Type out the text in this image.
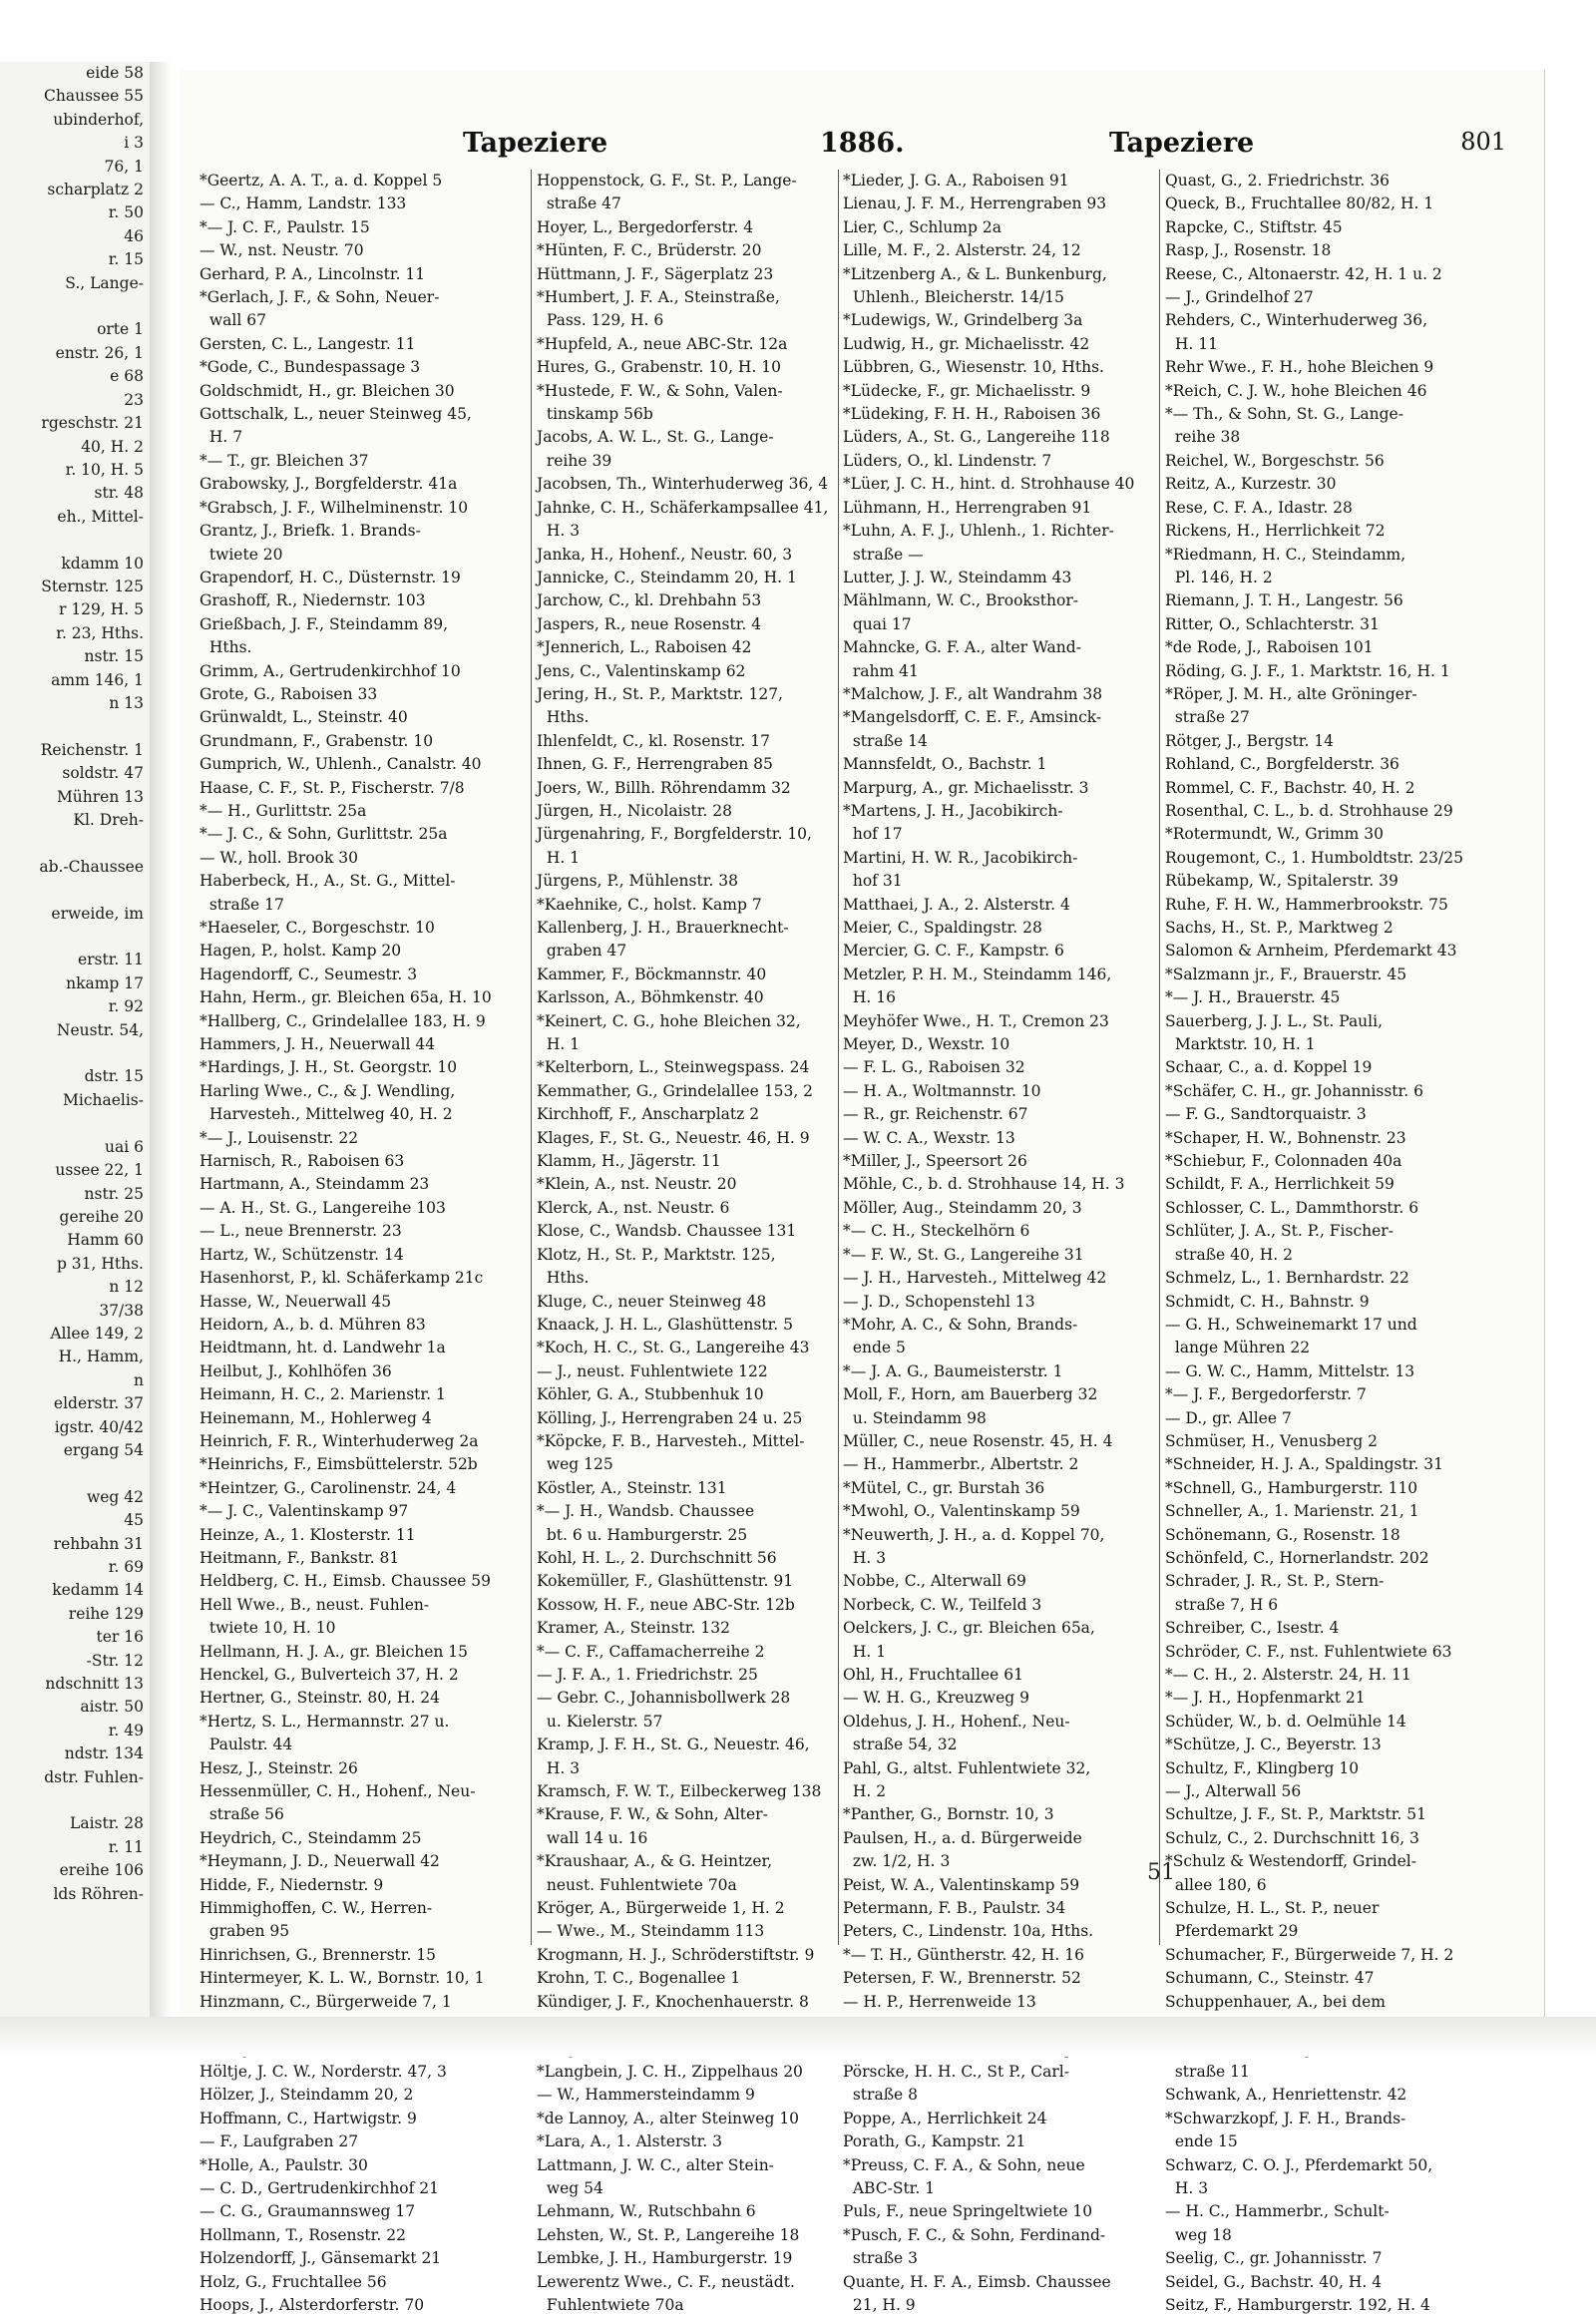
eide 58
Chaussee 55
ubinderhof,
i 3
76, 1
scharplatz 2
r. 50
46
r. 15
S., Lange-

orte 1
enstr. 26, 1
e 68
23
rgeschstr. 21
40, H. 2
r. 10, H. 5
str. 48
eh., Mittel-

kdamm 10
Sternstr. 125
r 129, H. 5
r. 23, Hths.
nstr. 15
amm 146, 1
n 13

Reichenstr. 1
soldstr. 47
Mühren 13
Kl. Dreh-

ab.-Chaussee

erweide, im

erstr. 11
nkamp 17
r. 92
Neustr. 54,

dstr. 15
Michaelis-

uai 6
ussee 22, 1
nstr. 25
gereihe 20
Hamm 60
p 31, Hths.
n 12
37/38
Allee 149, 2
H., Hamm,
n
elderstr. 37
igstr. 40/42
ergang 54

weg 42
45
rehbahn 31
r. 69
kedamm 14
reihe 129
ter 16
-Str. 12
ndschnitt 13
aistr. 50
r. 49
ndstr. 134
dstr. Fuhlen-

Laistr. 28
r. 11
ereihe 106
lds Röhren-
Tapeziere	1886.	Tapeziere	801
*Geertz, A. A. T., a. d. Koppel 5
— C., Hamm, Landstr. 133
*— J. C. F., Paulstr. 15
— W., nst. Neustr. 70
Gerhard, P. A., Lincolnstr. 11
*Gerlach, J. F., & Sohn, Neuer-
wall 67
Gersten, C. L., Langestr. 11
*Gode, C., Bundespassage 3
Goldschmidt, H., gr. Bleichen 30
Gottschalk, L., neuer Steinweg 45,
H. 7
*— T., gr. Bleichen 37
Grabowsky, J., Borgfelderstr. 41a
*Grabsch, J. F., Wilhelminenstr. 10
Grantz, J., Briefk. 1. Brands-
twiete 20
Grapendorf, H. C., Düsternstr. 19
Grashoff, R., Niedernstr. 103
Grießbach, J. F., Steindamm 89,
Hths.
Grimm, A., Gertrudenkirchhof 10
Grote, G., Raboisen 33
Grünwaldt, L., Steinstr. 40
Grundmann, F., Grabenstr. 10
Gumprich, W., Uhlenh., Canalstr. 40
Haase, C. F., St. P., Fischerstr. 7/8
*— H., Gurlittstr. 25a
*— J. C., & Sohn, Gurlittstr. 25a
— W., holl. Brook 30
Haberbeck, H., A., St. G., Mittel-
straße 17
*Haeseler, C., Borgeschstr. 10
Hagen, P., holst. Kamp 20
Hagendorff, C., Seumestr. 3
Hahn, Herm., gr. Bleichen 65a, H. 10
*Hallberg, C., Grindelallee 183, H. 9
Hammers, J. H., Neuerwall 44
*Hardings, J. H., St. Georgstr. 10
Harling Wwe., C., & J. Wendling,
Harvesteh., Mittelweg 40, H. 2
*— J., Louisenstr. 22
Harnisch, R., Raboisen 63
Hartmann, A., Steindamm 23
— A. H., St. G., Langereihe 103
— L., neue Brennerstr. 23
Hartz, W., Schützenstr. 14
Hasenhorst, P., kl. Schäferkamp 21c
Hasse, W., Neuerwall 45
Heidorn, A., b. d. Mühren 83
Heidtmann, ht. d. Landwehr 1a
Heilbut, J., Kohlhöfen 36
Heimann, H. C., 2. Marienstr. 1
Heinemann, M., Hohlerweg 4
Heinrich, F. R., Winterhuderweg 2a
*Heinrichs, F., Eimsbüttelerstr. 52b
*Heintzer, G., Carolinenstr. 24, 4
*— J. C., Valentinskamp 97
Heinze, A., 1. Klosterstr. 11
Heitmann, F., Bankstr. 81
Heldberg, C. H., Eimsb. Chaussee 59
Hell Wwe., B., neust. Fuhlen-
twiete 10, H. 10
Hellmann, H. J. A., gr. Bleichen 15
Henckel, G., Bulverteich 37, H. 2
Hertner, G., Steinstr. 80, H. 24
*Hertz, S. L., Hermannstr. 27 u.
Paulstr. 44
Hesz, J., Steinstr. 26
Hessenmüller, C. H., Hohenf., Neu-
straße 56
Heydrich, C., Steindamm 25
*Heymann, J. D., Neuerwall 42
Hidde, F., Niedernstr. 9
Himmighoffen, C. W., Herren-
graben 95
Hinrichsen, G., Brennerstr. 15
Hintermeyer, K. L. W., Bornstr. 10, 1
Hinzmann, C., Bürgerweide 7, 1
Höltje, J. C. W., Norderstr. 47, 3
Hölzer, J., Steindamm 20, 2
Hoffmann, C., Hartwigstr. 9
— F., Laufgraben 27
*Holle, A., Paulstr. 30
— C. D., Gertrudenkirchhof 21
— C. G., Graumannsweg 17
Hollmann, T., Rosenstr. 22
Holzendorff, J., Gänsemarkt 21
Holz, G., Fruchtallee 56
Hoops, J., Alsterdorferstr. 70
Hoppenstock, G. F., St. P., Lange-
straße 47
Hoyer, L., Bergedorferstr. 4
*Hünten, F. C., Brüderstr. 20
Hüttmann, J. F., Sägerplatz 23
*Humbert, J. F. A., Steinstraße,
Pass. 129, H. 6
*Hupfeld, A., neue ABC-Str. 12a
Hures, G., Grabenstr. 10, H. 10
*Hustede, F. W., & Sohn, Valen-
tinskamp 56b
Jacobs, A. W. L., St. G., Lange-
reihe 39
Jacobsen, Th., Winterhuderweg 36, 4
Jahnke, C. H., Schäferkampsallee 41,
H. 3
Janka, H., Hohenf., Neustr. 60, 3
Jannicke, C., Steindamm 20, H. 1
Jarchow, C., kl. Drehbahn 53
Jaspers, R., neue Rosenstr. 4
*Jennerich, L., Raboisen 42
Jens, C., Valentinskamp 62
Jering, H., St. P., Marktstr. 127,
Hths.
Ihlenfeldt, C., kl. Rosenstr. 17
Ihnen, G. F., Herrengraben 85
Joers, W., Billh. Röhrendamm 32
Jürgen, H., Nicolaistr. 28
Jürgenahring, F., Borgfelderstr. 10,
H. 1
Jürgens, P., Mühlenstr. 38
*Kaehnike, C., holst. Kamp 7
Kallenberg, J. H., Brauerknecht-
graben 47
Kammer, F., Böckmannstr. 40
Karlsson, A., Böhmkenstr. 40
*Keinert, C. G., hohe Bleichen 32,
H. 1
*Kelterborn, L., Steinwegspass. 24
Kemmather, G., Grindelallee 153, 2
Kirchhoff, F., Anscharplatz 2
Klages, F., St. G., Neuestr. 46, H. 9
Klamm, H., Jägerstr. 11
*Klein, A., nst. Neustr. 20
Klerck, A., nst. Neustr. 6
Klose, C., Wandsb. Chaussee 131
Klotz, H., St. P., Marktstr. 125,
Hths.
Kluge, C., neuer Steinweg 48
Knaack, J. H. L., Glashüttenstr. 5
*Koch, H. C., St. G., Langereihe 43
— J., neust. Fuhlentwiete 122
Köhler, G. A., Stubbenhuk 10
Kölling, J., Herrengraben 24 u. 25
*Köpcke, F. B., Harvesteh., Mittel-
weg 125
Köstler, A., Steinstr. 131
*— J. H., Wandsb. Chaussee
bt. 6 u. Hamburgerstr. 25
Kohl, H. L., 2. Durchschnitt 56
Kokemüller, F., Glashüttenstr. 91
Kossow, H. F., neue ABC-Str. 12b
Kramer, A., Steinstr. 132
*— C. F., Caffamacherreihe 2
— J. F. A., 1. Friedrichstr. 25
— Gebr. C., Johannisbollwerk 28
u. Kielerstr. 57
Kramp, J. F. H., St. G., Neuestr. 46,
H. 3
Kramsch, F. W. T., Eilbeckerweg 138
*Krause, F. W., & Sohn, Alter-
wall 14 u. 16
*Kraushaar, A., & G. Heintzer,
neust. Fuhlentwiete 70a
Kröger, A., Bürgerweide 1, H. 2
— Wwe., M., Steindamm 113
Krogmann, H. J., Schröderstiftstr. 9
Krohn, T. C., Bogenallee 1
Kündiger, J. F., Knochenhauerstr. 8
*Langbein, J. C. H., Zippelhaus 20
— W., Hammersteindamm 9
*de Lannoy, A., alter Steinweg 10
*Lara, A., 1. Alsterstr. 3
Lattmann, J. W. C., alter Stein-
weg 54
Lehmann, W., Rutschbahn 6
Lehsten, W., St. P., Langereihe 18
Lembke, J. H., Hamburgerstr. 19
Lewerentz Wwe., C. F., neustädt.
Fuhlentwiete 70a
*Lieder, J. G. A., Raboisen 91
Lienau, J. F. M., Herrengraben 93
Lier, C., Schlump 2a
Lille, M. F., 2. Alsterstr. 24, 12
*Litzenberg A., & L. Bunkenburg,
Uhlenh., Bleicherstr. 14/15
*Ludewigs, W., Grindelberg 3a
Ludwig, H., gr. Michaelisstr. 42
Lübbren, G., Wiesenstr. 10, Hths.
*Lüdecke, F., gr. Michaelisstr. 9
*Lüdeking, F. H. H., Raboisen 36
Lüders, A., St. G., Langereihe 118
Lüders, O., kl. Lindenstr. 7
*Lüer, J. C. H., hint. d. Strohhause 40
Lühmann, H., Herrengraben 91
*Luhn, A. F. J., Uhlenh., 1. Richter-
straße —
Lutter, J. J. W., Steindamm 43
Mählmann, W. C., Brooksthor-
quai 17
Mahncke, G. F. A., alter Wand-
rahm 41
*Malchow, J. F., alt Wandrahm 38
*Mangelsdorff, C. E. F., Amsinck-
straße 14
Mannsfeldt, O., Bachstr. 1
Marpurg, A., gr. Michaelisstr. 3
*Martens, J. H., Jacobikirch-
hof 17
Martini, H. W. R., Jacobikirch-
hof 31
Matthaei, J. A., 2. Alsterstr. 4
Meier, C., Spaldingstr. 28
Mercier, G. C. F., Kampstr. 6
Metzler, P. H. M., Steindamm 146,
H. 16
Meyhöfer Wwe., H. T., Cremon 23
Meyer, D., Wexstr. 10
— F. L. G., Raboisen 32
— H. A., Woltmannstr. 10
— R., gr. Reichenstr. 67
— W. C. A., Wexstr. 13
*Miller, J., Speersort 26
Möhle, C., b. d. Strohhause 14, H. 3
Möller, Aug., Steindamm 20, 3
*— C. H., Steckelhörn 6
*— F. W., St. G., Langereihe 31
— J. H., Harvesteh., Mittelweg 42
— J. D., Schopenstehl 13
*Mohr, A. C., & Sohn, Brands-
ende 5
*— J. A. G., Baumeisterstr. 1
Moll, F., Horn, am Bauerberg 32
u. Steindamm 98
Müller, C., neue Rosenstr. 45, H. 4
— H., Hammerbr., Albertstr. 2
*Mütel, C., gr. Burstah 36
*Mwohl, O., Valentinskamp 59
*Neuwerth, J. H., a. d. Koppel 70,
H. 3
Nobbe, C., Alterwall 69
Norbeck, C. W., Teilfeld 3
Oelckers, J. C., gr. Bleichen 65a,
H. 1
Ohl, H., Fruchtallee 61
— W. H. G., Kreuzweg 9
Oldehus, J. H., Hohenf., Neu-
straße 54, 32
Pahl, G., altst. Fuhlentwiete 32,
H. 2
*Panther, G., Bornstr. 10, 3
Paulsen, H., a. d. Bürgerweide
zw. 1/2, H. 3
Peist, W. A., Valentinskamp 59
Petermann, F. B., Paulstr. 34
Peters, C., Lindenstr. 10a, Hths.
*— T. H., Güntherstr. 42, H. 16
Petersen, F. W., Brennerstr. 52
— H. P., Herrenweide 13
Pörscke, H. H. C., St P., Carl-
straße 8
Poppe, A., Herrlichkeit 24
Porath, G., Kampstr. 21
*Preuss, C. F. A., & Sohn, neue
ABC-Str. 1
Puls, F., neue Springeltwiete 10
*Pusch, F. C., & Sohn, Ferdinand-
straße 3
Quante, H. F. A., Eimsb. Chaussee
21, H. 9
Quast, G., 2. Friedrichstr. 36
Queck, B., Fruchtallee 80/82, H. 1
Rapcke, C., Stiftstr. 45
Rasp, J., Rosenstr. 18
Reese, C., Altonaerstr. 42, H. 1 u. 2
— J., Grindelhof 27
Rehders, C., Winterhuderweg 36,
H. 11
Rehr Wwe., F. H., hohe Bleichen 9
*Reich, C. J. W., hohe Bleichen 46
*— Th., & Sohn, St. G., Lange-
reihe 38
Reichel, W., Borgeschstr. 56
Reitz, A., Kurzestr. 30
Rese, C. F. A., Idastr. 28
Rickens, H., Herrlichkeit 72
*Riedmann, H. C., Steindamm,
Pl. 146, H. 2
Riemann, J. T. H., Langestr. 56
Ritter, O., Schlachterstr. 31
*de Rode, J., Raboisen 101
Röding, G. J. F., 1. Marktstr. 16, H. 1
*Röper, J. M. H., alte Gröninger-
straße 27
Rötger, J., Bergstr. 14
Rohland, C., Borgfelderstr. 36
Rommel, C. F., Bachstr. 40, H. 2
Rosenthal, C. L., b. d. Strohhause 29
*Rotermundt, W., Grimm 30
Rougemont, C., 1. Humboldtstr. 23/25
Rübekamp, W., Spitalerstr. 39
Ruhe, F. H. W., Hammerbrookstr. 75
Sachs, H., St. P., Marktweg 2
Salomon & Arnheim, Pferdemarkt 43
*Salzmann jr., F., Brauerstr. 45
*— J. H., Brauerstr. 45
Sauerberg, J. J. L., St. Pauli,
Marktstr. 10, H. 1
Schaar, C., a. d. Koppel 19
*Schäfer, C. H., gr. Johannisstr. 6
— F. G., Sandtorquaistr. 3
*Schaper, H. W., Bohnenstr. 23
*Schiebur, F., Colonnaden 40a
Schildt, F. A., Herrlichkeit 59
Schlosser, C. L., Dammthorstr. 6
Schlüter, J. A., St. P., Fischer-
straße 40, H. 2
Schmelz, L., 1. Bernhardstr. 22
Schmidt, C. H., Bahnstr. 9
— G. H., Schweinemarkt 17 und
lange Mühren 22
— G. W. C., Hamm, Mittelstr. 13
*— J. F., Bergedorferstr. 7
— D., gr. Allee 7
Schmüser, H., Venusberg 2
*Schneider, H. J. A., Spaldingstr. 31
*Schnell, G., Hamburgerstr. 110
Schneller, A., 1. Marienstr. 21, 1
Schönemann, G., Rosenstr. 18
Schönfeld, C., Hornerlandstr. 202
Schrader, J. R., St. P., Stern-
straße 7, H 6
Schreiber, C., Isestr. 4
Schröder, C. F., nst. Fuhlentwiete 63
*— C. H., 2. Alsterstr. 24, H. 11
*— J. H., Hopfenmarkt 21
Schüder, W., b. d. Oelmühle 14
*Schütze, J. C., Beyerstr. 13
Schultz, F., Klingberg 10
— J., Alterwall 56
Schultze, J. F., St. P., Marktstr. 51
Schulz, C., 2. Durchschnitt 16, 3
*Schulz & Westendorff, Grindel-
allee 180, 6
Schulze, H. L., St. P., neuer
Pferdemarkt 29
Schumacher, F., Bürgerweide 7, H. 2
Schumann, C., Steinstr. 47
Schuppenhauer, A., bei dem
straße 11
Schwank, A., Henriettenstr. 42
*Schwarzkopf, J. F. H., Brands-
ende 15
Schwarz, C. O. J., Pferdemarkt 50,
H. 3
— H. C., Hammerbr., Schult-
weg 18
Seelig, C., gr. Johannisstr. 7
Seidel, G., Bachstr. 40, H. 4
Seitz, F., Hamburgerstr. 192, H. 4
51
